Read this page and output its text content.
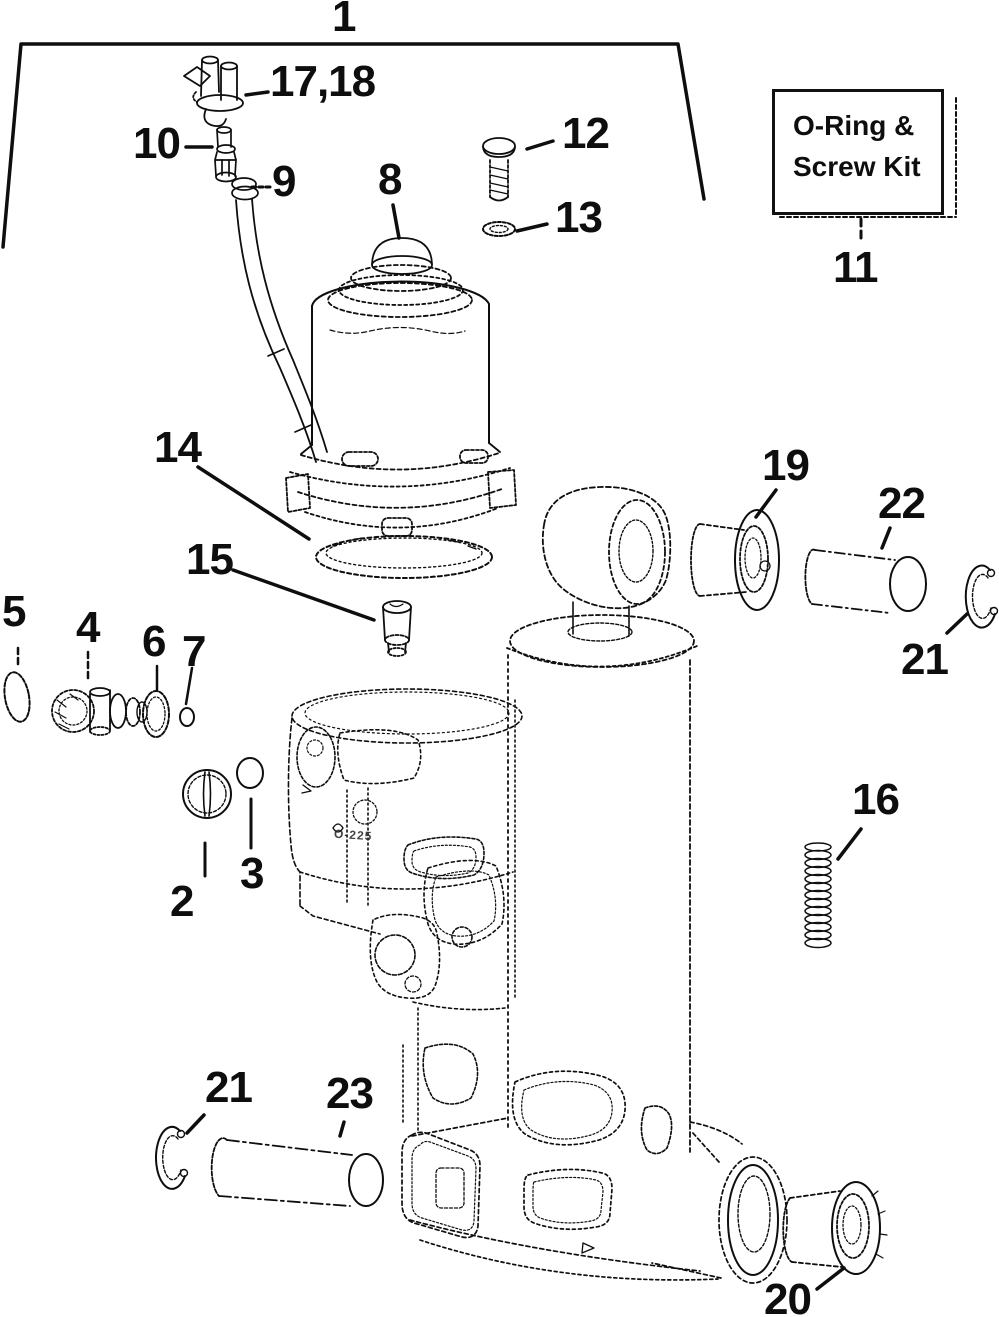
O-Ring &
Screw Kit
O-225
1
17,18
10
9 8
12
13
11
14
15
5 4 6 7
2
3
19
22
21
16
21 23
20
